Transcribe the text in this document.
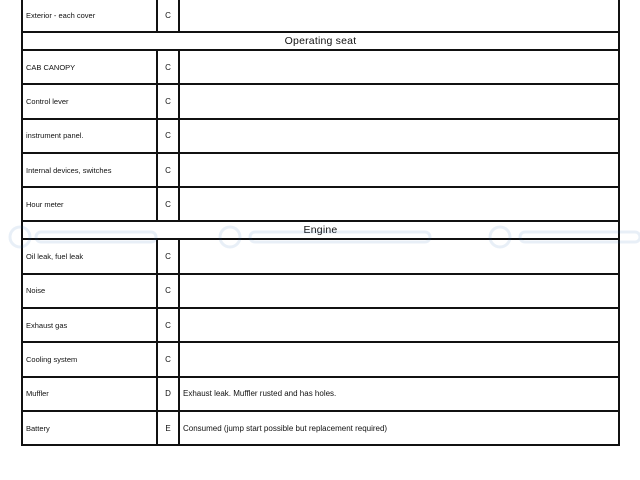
Exterior - each cover	C	
Operating seat		
CAB CANOPY	C	
Control lever	C	
instrument panel.	C	
Internal devices, switches	C	
Hour meter	C	
Engine		
Oil leak, fuel leak	C	
Noise	C	
Exhaust gas	C	
Cooling system	C	
Muffler	D	Exhaust leak. Muffler rusted and has holes.
Battery	E	Consumed (jump start possible but replacement required)
